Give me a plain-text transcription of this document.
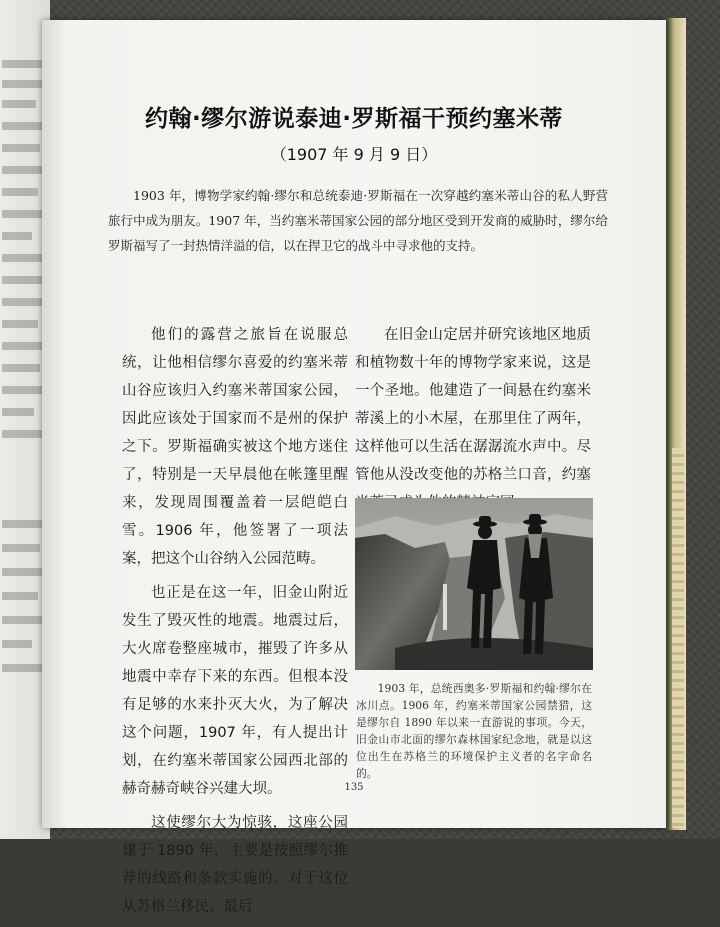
约翰·缪尔游说泰迪·罗斯福干预约塞米蒂
（1907 年 9 月 9 日）

1903 年，博物学家约翰·缪尔和总统泰迪·罗斯福在一次穿越约塞米蒂山谷的私人野营旅行中成为朋友。1907 年，当约塞米蒂国家公园的部分地区受到开发商的威胁时，缪尔给罗斯福写了一封热情洋溢的信，以在捍卫它的战斗中寻求他的支持。

他们的露营之旅旨在说服总统，让他相信缪尔喜爱的约塞米蒂山谷应该归入约塞米蒂国家公园，因此应该处于国家而不是州的保护之下。罗斯福确实被这个地方迷住了，特别是一天早晨他在帐篷里醒来，发现周围覆盖着一层皑皑白雪。1906 年，他签署了一项法案，把这个山谷纳入公园范畴。

也正是在这一年，旧金山附近发生了毁灭性的地震。地震过后，大火席卷整座城市，摧毁了许多从地震中幸存下来的东西。但根本没有足够的水来扑灭大火，为了解决这个问题，1907 年，有人提出计划，在约塞米蒂国家公园西北部的赫奇赫奇峡谷兴建大坝。

这使缪尔大为惊骇，这座公园建于 1890 年，主要是按照缪尔推荐的线路和条款实施的。对于这位从苏格兰移民、最后

在旧金山定居并研究该地区地质和植物数十年的博物学家来说，这是一个圣地。他建造了一间悬在约塞米蒂溪上的小木屋，在那里住了两年，这样他可以生活在潺潺流水声中。尽管他从没改变他的苏格兰口音，约塞

1903 年，总统西奥多·罗斯福和约翰·缪尔在冰川点。1906 年，约塞米蒂国家公园禁猎，这是缪尔自 1890 年以来一直游说的事项。今天，旧金山市北面的缪尔森林国家纪念地，就是以这位出生在苏格兰的环境保护主义者的名字命名的。

135
